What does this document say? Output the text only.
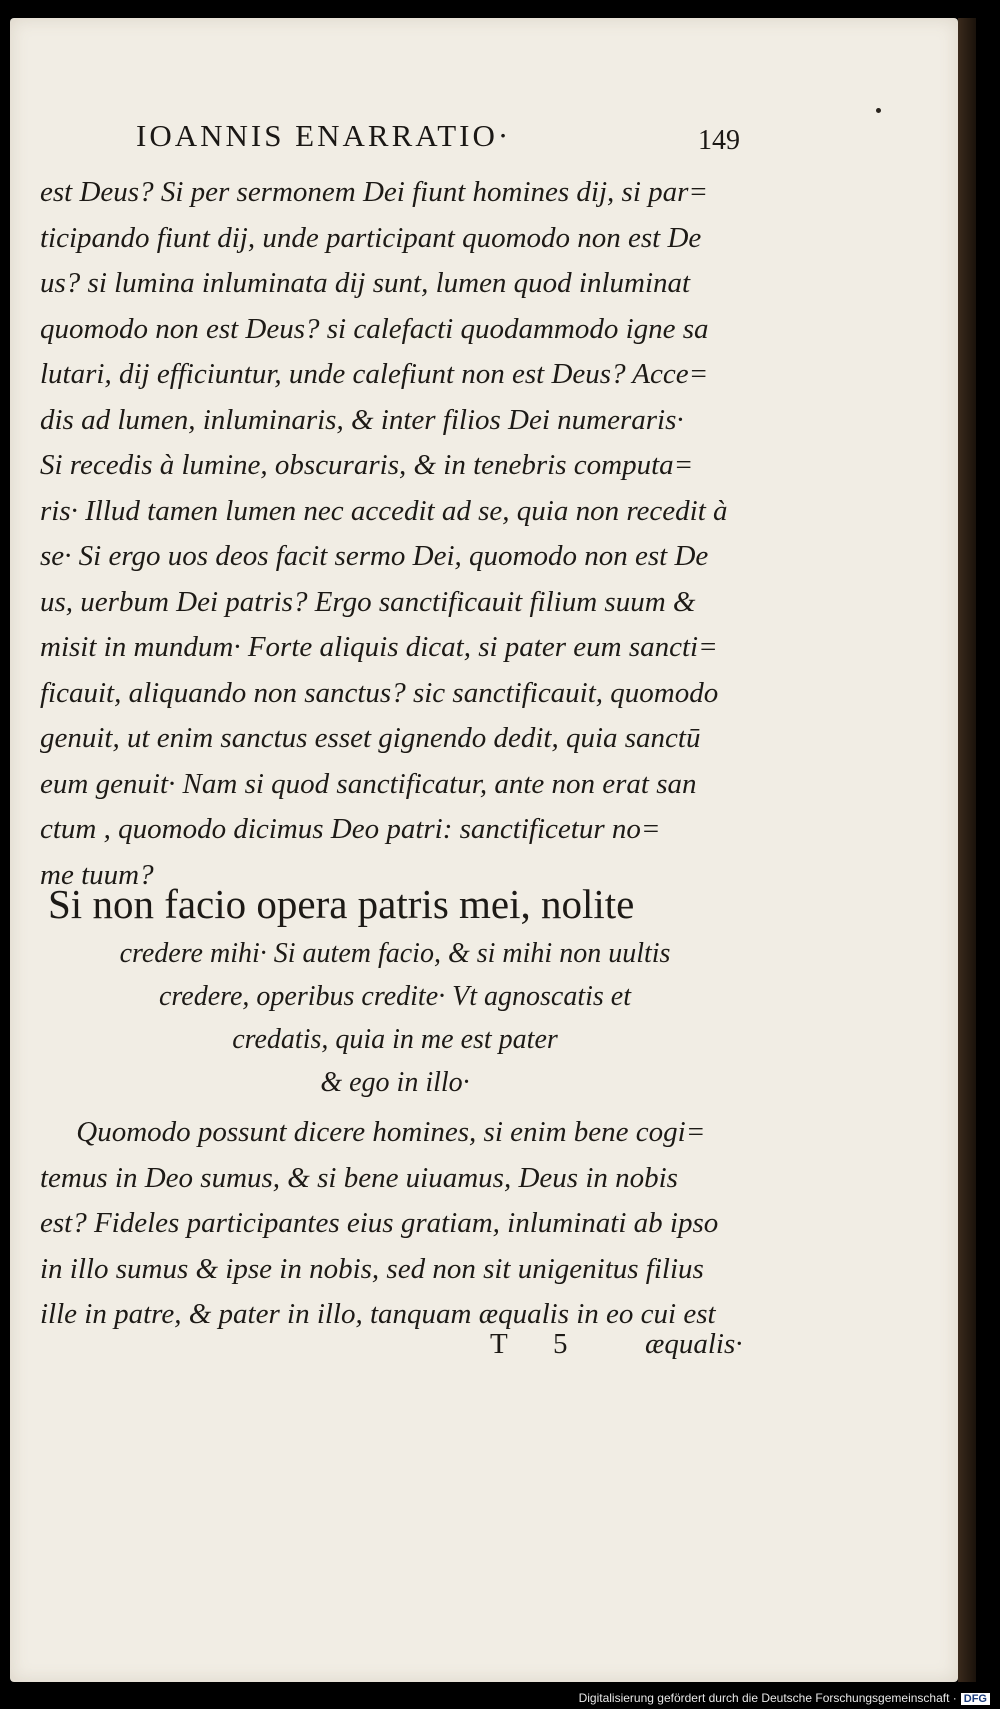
IOANNIS ENARRATIO·	149
est Deus? Si per sermonem Dei fiunt homines dij, si par=
ticipando fiunt dij, unde participant quomodo non est De
us? si lumina inluminata dij sunt, lumen quod inluminat
quomodo non est Deus? si calefacti quodammodo igne sa
lutari, dij efficiuntur, unde calefiunt non est Deus? Acce=
dis ad lumen, inluminaris, & inter filios Dei numeraris·
Si recedis à lumine, obscuraris, & in tenebris computa=
ris· Illud tamen lumen nec accedit ad se, quia non recedit à
se· Si ergo uos deos facit sermo Dei, quomodo non est De
us, uerbum Dei patris? Ergo sanctificauit filium suum &
misit in mundum· Forte aliquis dicat, si pater eum sancti=
ficauit, aliquando non sanctus? sic sanctificauit, quomodo
genuit, ut enim sanctus esset gignendo dedit, quia sanctū
eum genuit· Nam si quod sanctificatur, ante non erat san
ctum , quomodo dicimus Deo patri: sanctificetur no=
me tuum?
Si non facio opera patris mei, nolite
credere mihi· Si autem facio, & si mihi non uultis
credere, operibus credite· Vt agnoscatis et
credatis, quia in me est pater
& ego in illo·
Quomodo possunt dicere homines, si enim bene cogi=
temus in Deo sumus, & si bene uiuamus, Deus in nobis
est? Fideles participantes eius gratiam, inluminati ab ipso
in illo sumus & ipse in nobis, sed non sit unigenitus filius
ille in patre, & pater in illo, tanquam æqualis in eo cui est
T 5	æqualis·
Digitalisierung gefördert durch die Deutsche Forschungsgemeinschaft · DFG
